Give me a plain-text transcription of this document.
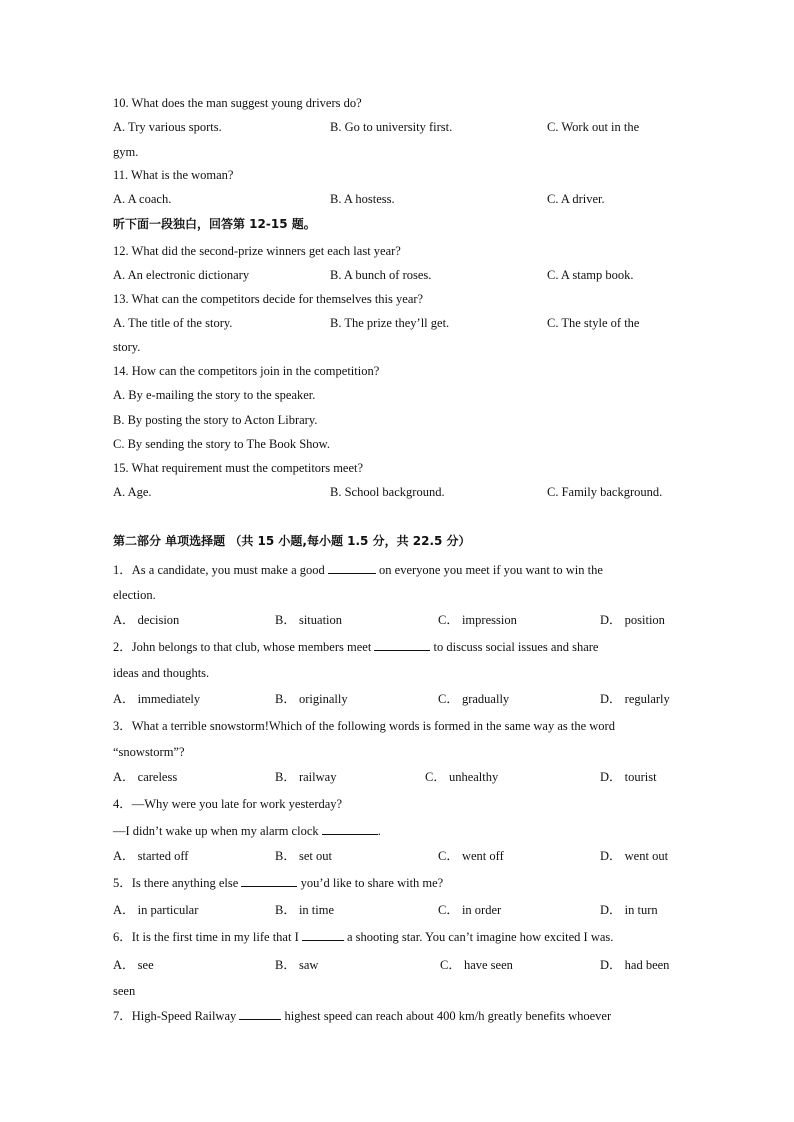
10. What does the man suggest young drivers do?
A. Try various sports.	B. Go to university first.	C. Work out in the
gym.
11. What is the woman?
A. A coach.	B. A hostess.	C. A driver.
听下面一段独白，回答第 12-15 题。
12. What did the second-prize winners get each last year?
A. An electronic dictionary	B. A bunch of roses.	C. A stamp book.
13. What can the competitors decide for themselves this year?
A. The title of the story.	B. The prize they’ll get.	C. The style of the
story.
14. How can the competitors join in the competition?
A. By e-mailing the story to the speaker.
B. By posting the story to Acton Library.
C. By sending the story to The Book Show.
15. What requirement must the competitors meet?
A. Age.	B. School background.	C. Family background.
第二部分 单项选择题 （共 15 小题,每小题 1.5 分，共 22.5 分）
1．As a candidate, you must make a good	on everyone you meet if you want to win the
election.
A． decision	B． situation	C． impression	D． position
2．John belongs to that club, whose members meet	to discuss social issues and share
ideas and thoughts.
A． immediately	B． originally	C． gradually	D． regularly
3．What a terrible snowstorm!Which of the following words is formed in the same way as the word
“snowstorm”?
A． careless	B． railway	C． unhealthy	D． tourist
4．—Why were you late for work yesterday?
—I didn’t wake up when my alarm clock	.
A． started off	B． set out	C． went off	D． went out
5．Is there anything else	you’d like to share with me?
A． in particular	B． in time	C． in order	D． in turn
6．It is the first time in my life that I	a shooting star. You can’t imagine how excited I was.
A． see	B． saw	C． have seen	D． had been
seen
7．High-Speed Railway	highest speed can reach about 400 km/h greatly benefits whoever
